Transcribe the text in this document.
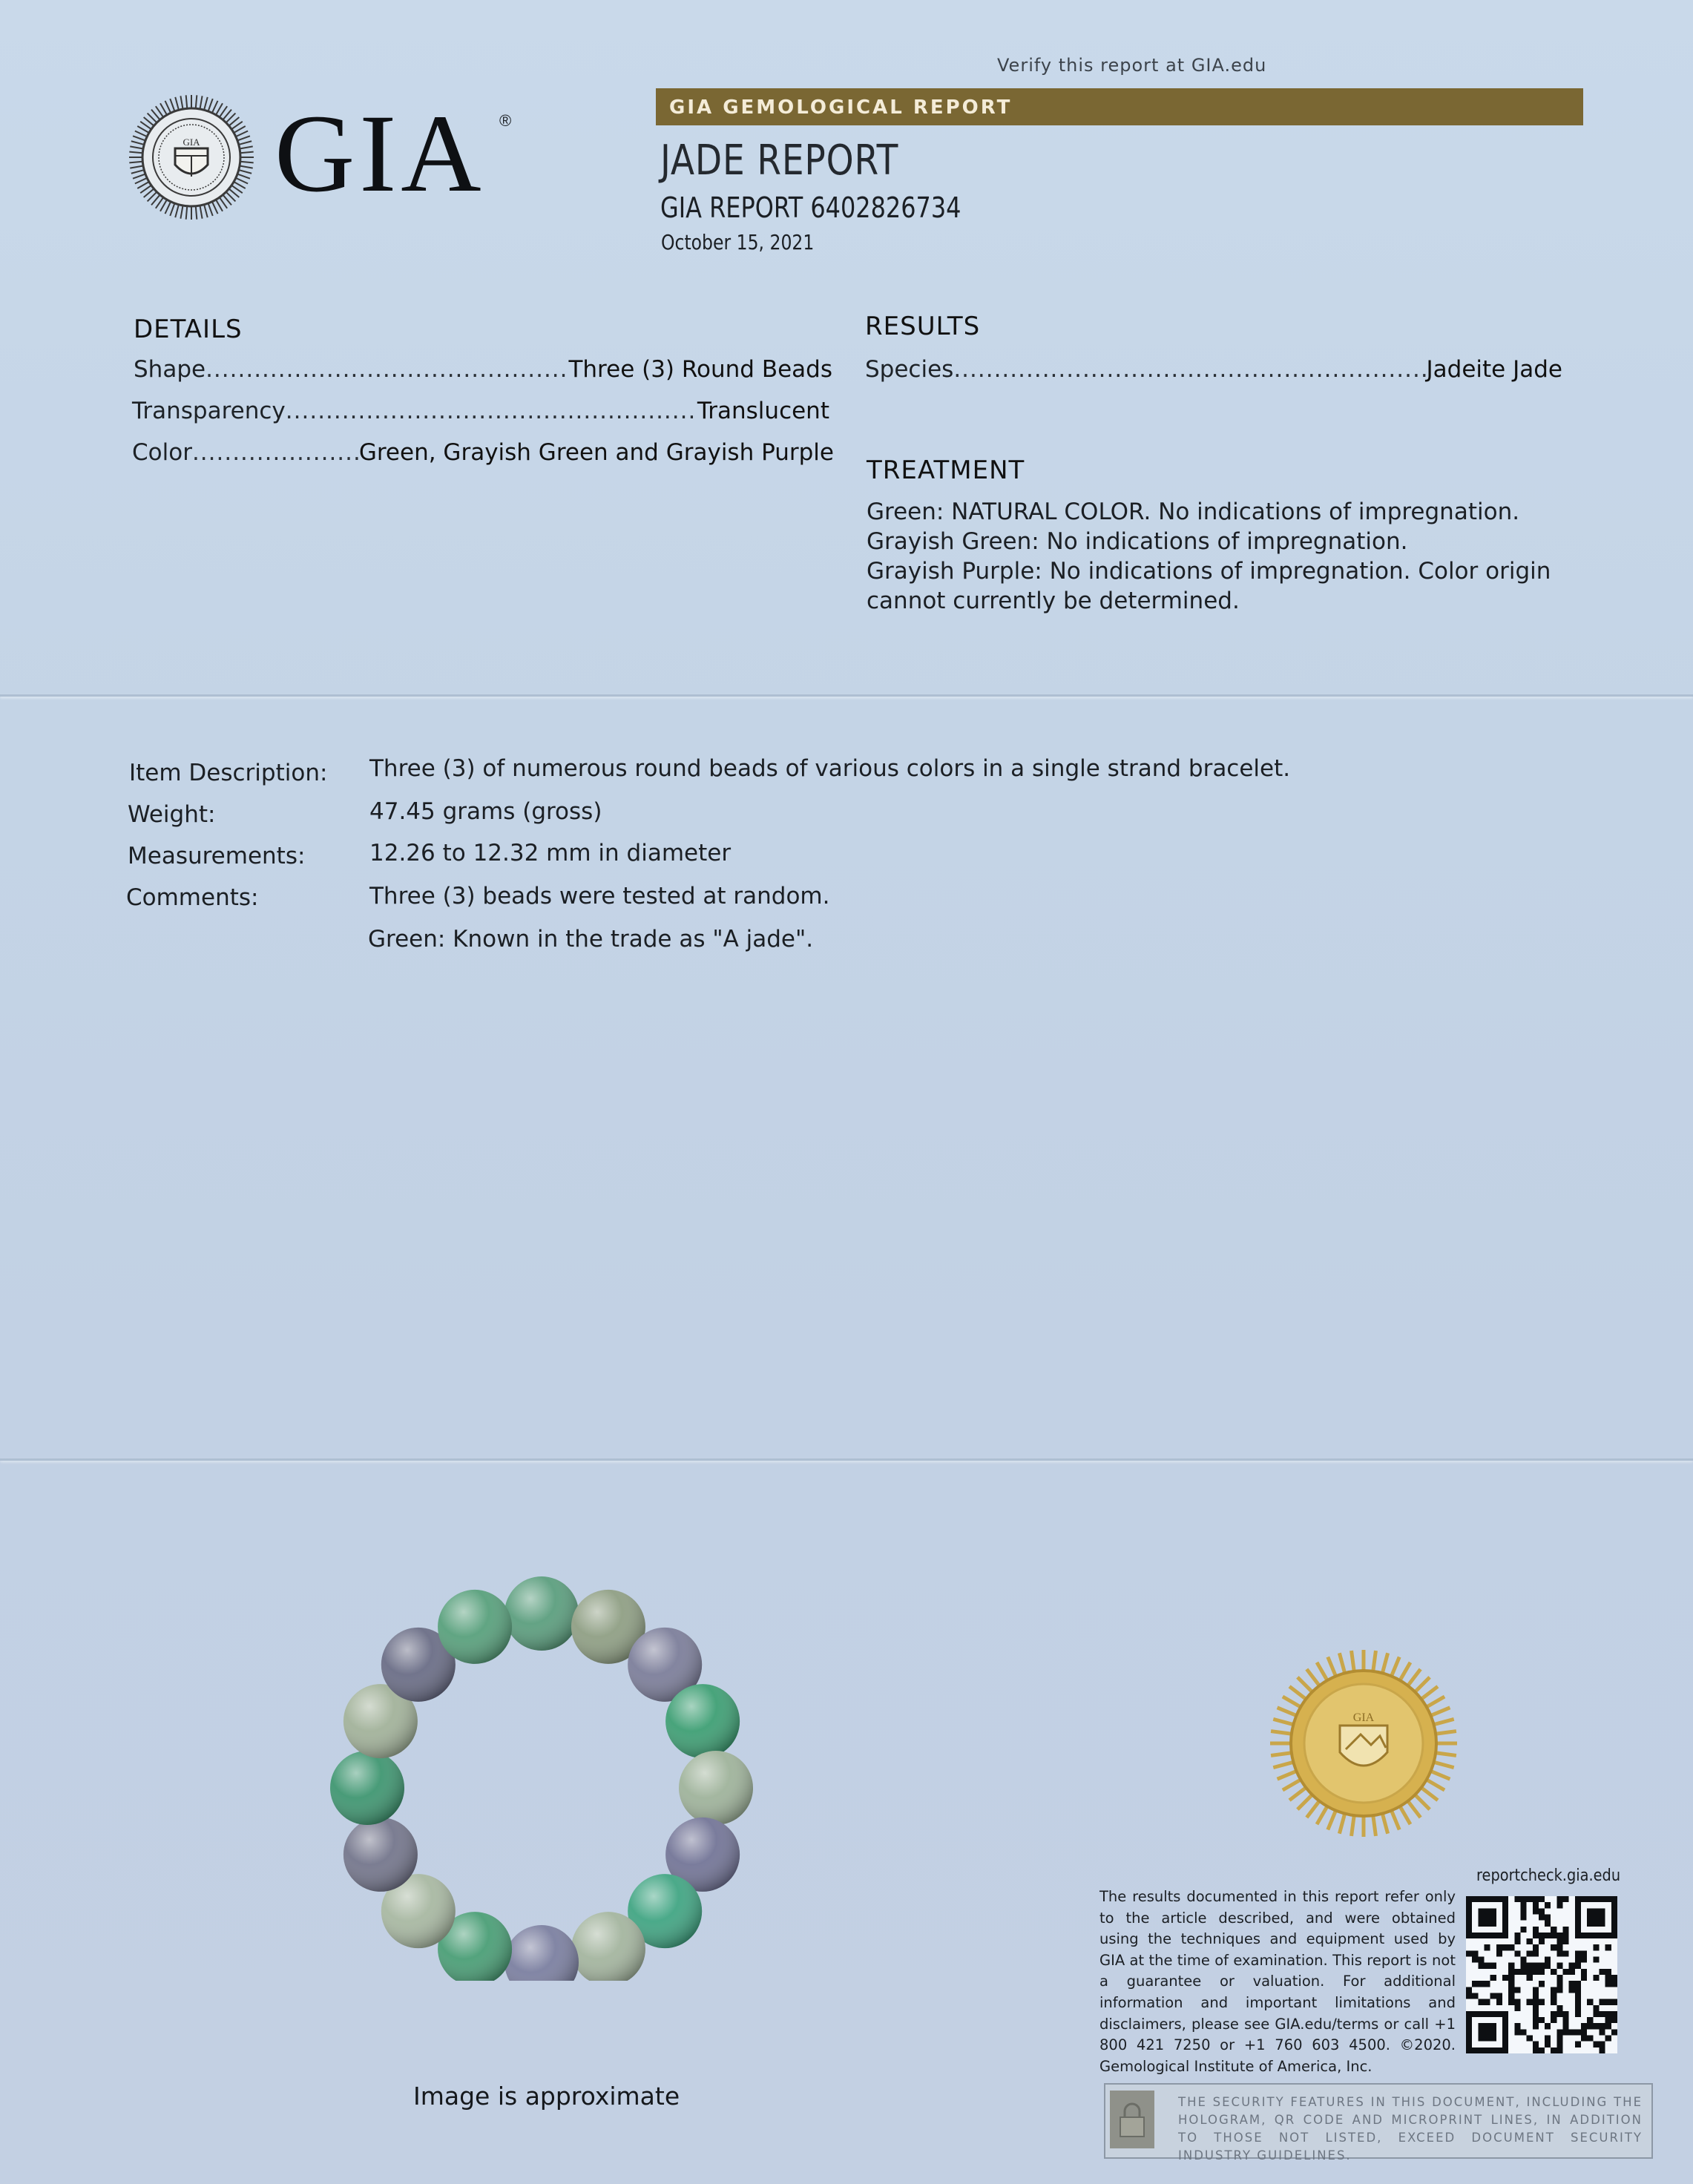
GIA GIA ®
Verify this report at GIA.edu
GIA GEMOLOGICAL REPORT
JADE REPORT
GIA REPORT 6402826734
October 15, 2021
DETAILS
Shape .....	Three (3) Round Beads
Transparency .....	Translucent
Color .....	Green, Grayish Green and Grayish Purple
RESULTS
Species .....	Jadeite Jade
TREATMENT
Green: NATURAL COLOR. No indications of impregnation.
Grayish Green: No indications of impregnation.
Grayish Purple: No indications of impregnation. Color origin
cannot currently be determined.
Item Description: Three (3) of numerous round beads of various colors in a single strand bracelet.
Weight:	47.45 grams (gross)
Measurements:	12.26 to 12.32 mm in diameter
Comments:	Three (3) beads were tested at random.
Green: Known in the trade as "A jade".
Image is approximate
GIA
reportcheck.gia.edu
The results documented in this report refer only to the article described, and were obtained using the techniques and equipment used by GIA at the time of examination. This report is not a guarantee or valuation. For additional information and important limitations and disclaimers, please see GIA.edu/terms or call +1 800 421 7250 or +1 760 603 4500. ©2020. Gemological Institute of America, Inc.
THE SECURITY FEATURES IN THIS DOCUMENT, INCLUDING THE HOLOGRAM, QR CODE AND MICROPRINT LINES, IN ADDITION TO THOSE NOT LISTED, EXCEED DOCUMENT SECURITY INDUSTRY GUIDELINES.
